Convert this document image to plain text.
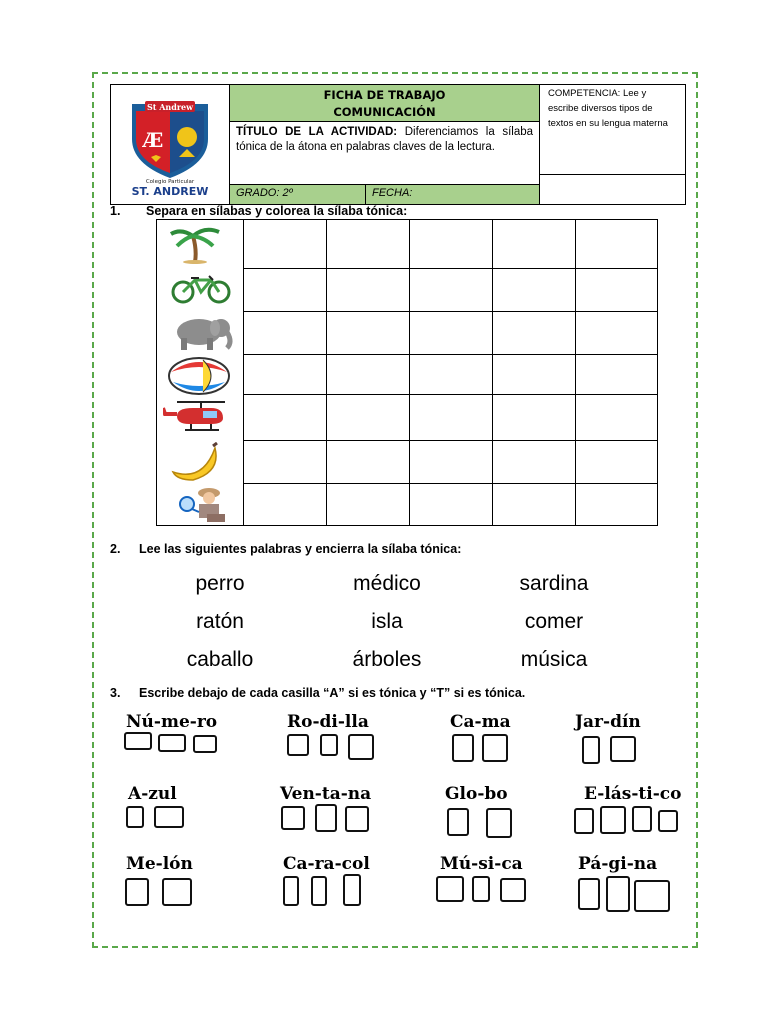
St Andrew
Æ
Colegio Particular
ST. ANDREW
FICHA DE TRABAJO
COMUNICACIÓN
TÍTULO DE LA ACTIVIDAD: Diferenciamos la sílaba tónica de la átona en palabras claves de la lectura.
GRADO: 2º	FECHA:
COMPETENCIA: Lee y escribe diversos tipos de textos en su lengua materna
1. Separa en sílabas y colorea la sílaba tónica:
2. Lee las siguientes palabras y encierra la sílaba tónica:
perro	médico	sardina
ratón	isla	comer
caballo	árboles	música
3. Escribe debajo de cada casilla “A” si es tónica y “T” si es tónica.
Nú-me-ro	Ro-di-lla	Ca-ma	Jar-dín
A-zul	Ven-ta-na	Glo-bo	E-lás-ti-co
Me-lón	Ca-ra-col	Mú-si-ca	Pá-gi-na
